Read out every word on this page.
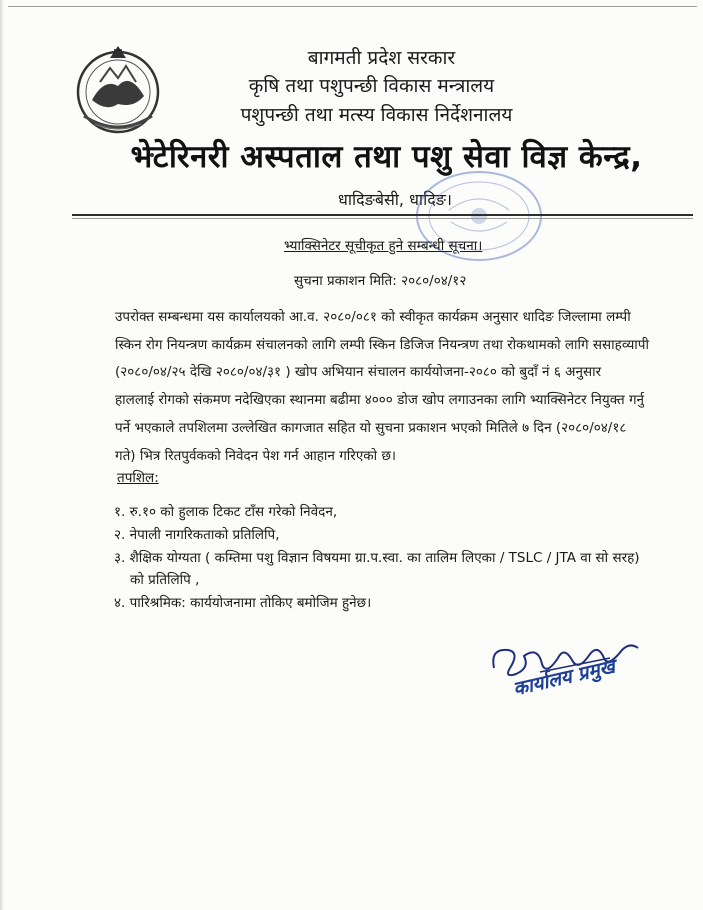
बागमती प्रदेश सरकार
कृषि तथा पशुपन्छी विकास मन्त्रालय
पशुपन्छी तथा मत्स्य विकास निर्देशनालय
भेटेरिनरी अस्पताल तथा पशु सेवा विज्ञ केन्द्र,
धादिङबेसी, धादिङ।
भ्याक्सिनेटर सूचीकृत हुने सम्बन्धी सूचना।
सुचना प्रकाशन मिति: २०८०/०४/१२
उपरोक्त सम्बन्धमा यस कार्यालयको आ.व. २०८०/०८१ को स्वीकृत कार्यक्रम अनुसार धादिङ जिल्लामा लम्पी
स्किन रोग नियन्त्रण कार्यक्रम संचालनको लागि लम्पी स्किन डिजिज नियन्त्रण तथा रोकथामको लागि ससाहव्यापी
(२०८०/०४/२५ देखि २०८०/०४/३१ ) खोप अभियान संचालन कार्ययोजना-२०८० को बुदाँ नं ६ अनुसार
हाललाई रोगको संकमण नदेखिएका स्थानमा बढीमा ४००० डोज खोप लगाउनका लागि भ्याक्सिनेटर नियुक्त गर्नु
पर्ने भएकाले तपशिलमा उल्लेखित कागजात सहित यो सुचना प्रकाशन भएको मितिले ७ दिन (२०८०/०४/१८
गते) भित्र रितपुर्वकको निवेदन पेश गर्न आहान गरिएको छ।
तपशिल:
१. रु.१० को हुलाक टिकट टाँस गरेको निवेदन,
२. नेपाली नागरिकताको प्रतिलिपि,
३. शैक्षिक योग्यता ( कम्तिमा पशु विज्ञान विषयमा ग्रा.प.स्वा. का तालिम लिएका / TSLC / JTA वा सो सरह)
को प्रतिलिपि ,
४. पारिश्रमिक: कार्ययोजनामा तोकिए बमोजिम हुनेछ।
कार्यालय प्रमुख
